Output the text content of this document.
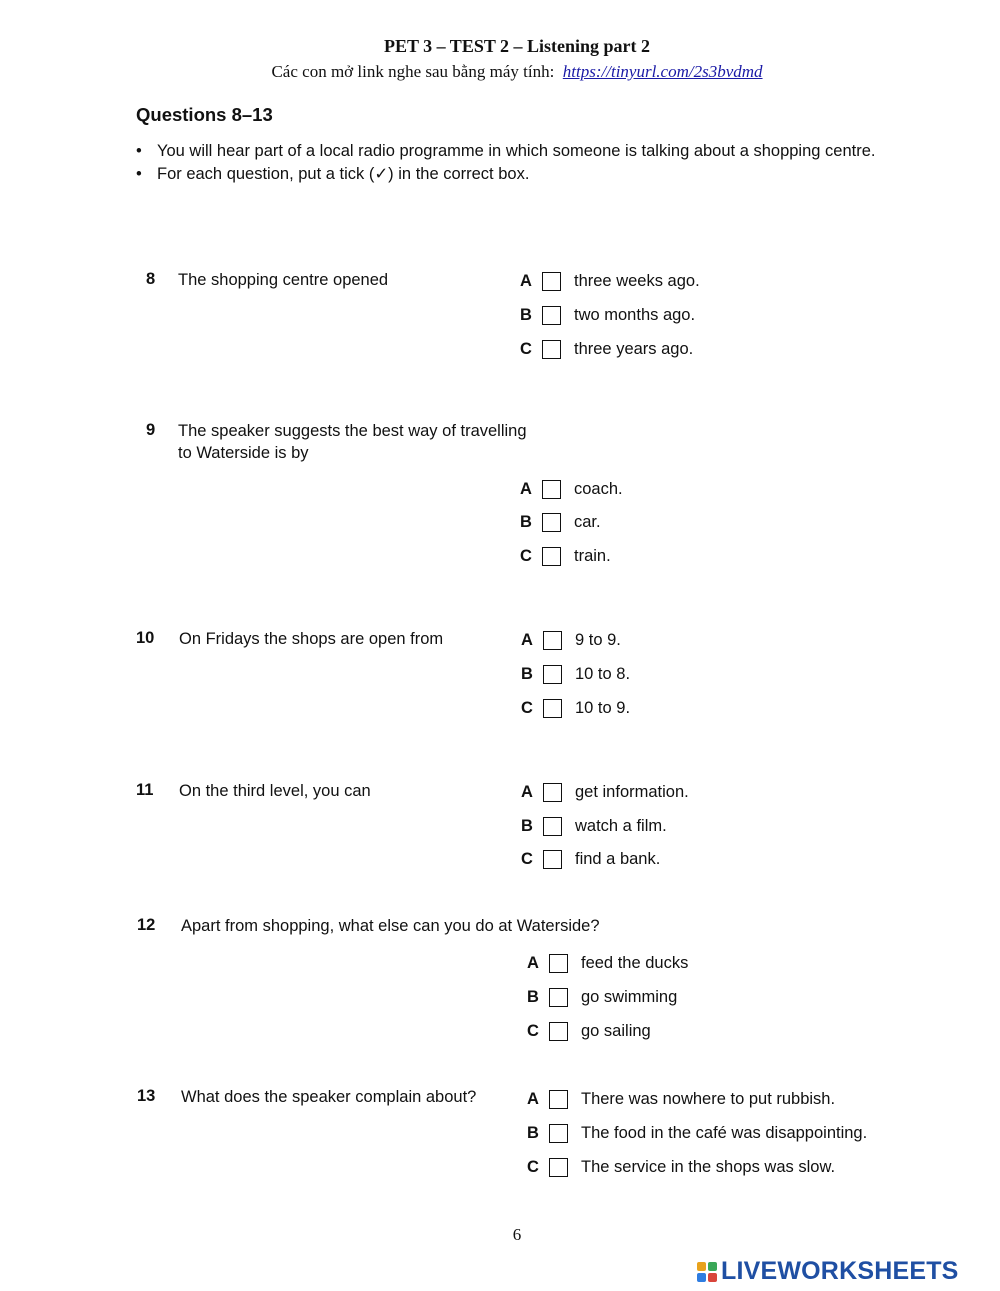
PET 3 – TEST 2 – Listening part 2
Các con mở link nghe sau bằng máy tính: https://tinyurl.com/2s3bvdmd
Questions 8–13
• You will hear part of a local radio programme in which someone is talking about a shopping centre.
• For each question, put a tick (✓) in the correct box.
8 The shopping centre opened	A	three weeks ago.
B	two months ago.
C	three years ago.
9 The speaker suggests the best way of travelling
to Waterside is by
A	coach.
B	car.
C	train.
10 On Fridays the shops are open from	A	9 to 9.
B	10 to 8.
C	10 to 9.
11 On the third level, you can	A	get information.
B	watch a film.
C	find a bank.
12 Apart from shopping, what else can you do at Waterside?
A	feed the ducks
B	go swimming
C	go sailing
13 What does the speaker complain about?	A	There was nowhere to put rubbish.
B	The food in the café was disappointing.
C	The service in the shops was slow.
6
LIVEWORKSHEETS
